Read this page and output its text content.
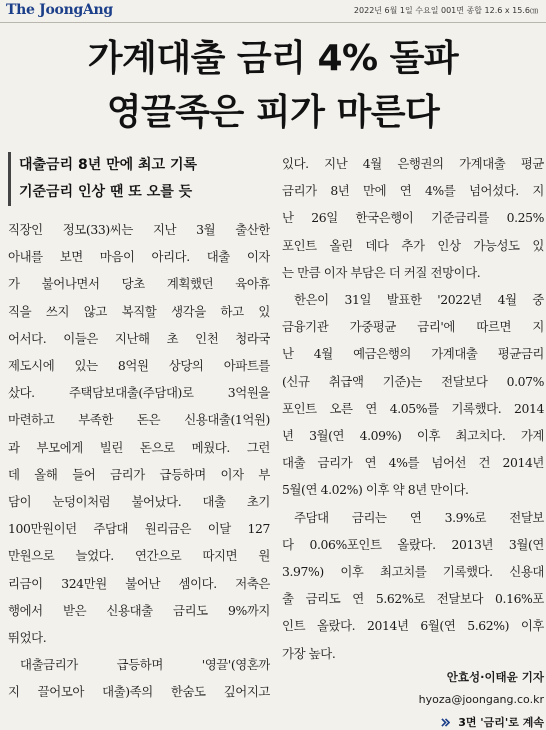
The JoongAng	2022년 6월 1일 수요일 001면 종합 12.6 x 15.6㎝
가계대출 금리 4% 돌파
영끌족은 피가 마른다
대출금리 8년 만에 최고 기록
기준금리 인상 땐 또 오를 듯
직장인 정모(33)씨는 지난 3월 출산한
아내를 보면 마음이 아리다. 대출 이자
가 불어나면서 당초 계획했던 육아휴
직을 쓰지 않고 복직할 생각을 하고 있
어서다. 이들은 지난해 초 인천 청라국
제도시에 있는 8억원 상당의 아파트를
샀다. 주택담보대출(주담대)로 3억원을
마련하고 부족한 돈은 신용대출(1억원)
과 부모에게 빌린 돈으로 메웠다. 그런
데 올해 들어 금리가 급등하며 이자 부
담이 눈덩이처럼 불어났다. 대출 초기
100만원이던 주담대 원리금은 이달 127
만원으로 늘었다. 연간으로 따지면 원
리금이 324만원 불어난 셈이다. 저축은
행에서 받은 신용대출 금리도 9%까지
뛰었다.
대출금리가 급등하며 '영끌'(영혼까
지 끌어모아 대출)족의 한숨도 깊어지고
있다. 지난 4월 은행권의 가계대출 평균
금리가 8년 만에 연 4%를 넘어섰다. 지
난 26일 한국은행이 기준금리를 0.25%
포인트 올린 데다 추가 인상 가능성도 있
는 만큼 이자 부담은 더 커질 전망이다.
한은이 31일 발표한 '2022년 4월 중
금융기관 가중평균 금리'에 따르면 지
난 4월 예금은행의 가계대출 평균금리
(신규 취급액 기준)는 전달보다 0.07%
포인트 오른 연 4.05%를 기록했다. 2014
년 3월(연 4.09%) 이후 최고치다. 가계
대출 금리가 연 4%를 넘어선 건 2014년
5월(연 4.02%) 이후 약 8년 만이다.
주담대 금리는 연 3.9%로 전달보
다 0.06%포인트 올랐다. 2013년 3월(연
3.97%) 이후 최고치를 기록했다. 신용대
출 금리도 연 5.62%로 전달보다 0.16%포
인트 올랐다. 2014년 6월(연 5.62%) 이후
가장 높다.
안효성·이태윤 기자
hyoza@joongang.co.kr
3면 '금리'로 계속
